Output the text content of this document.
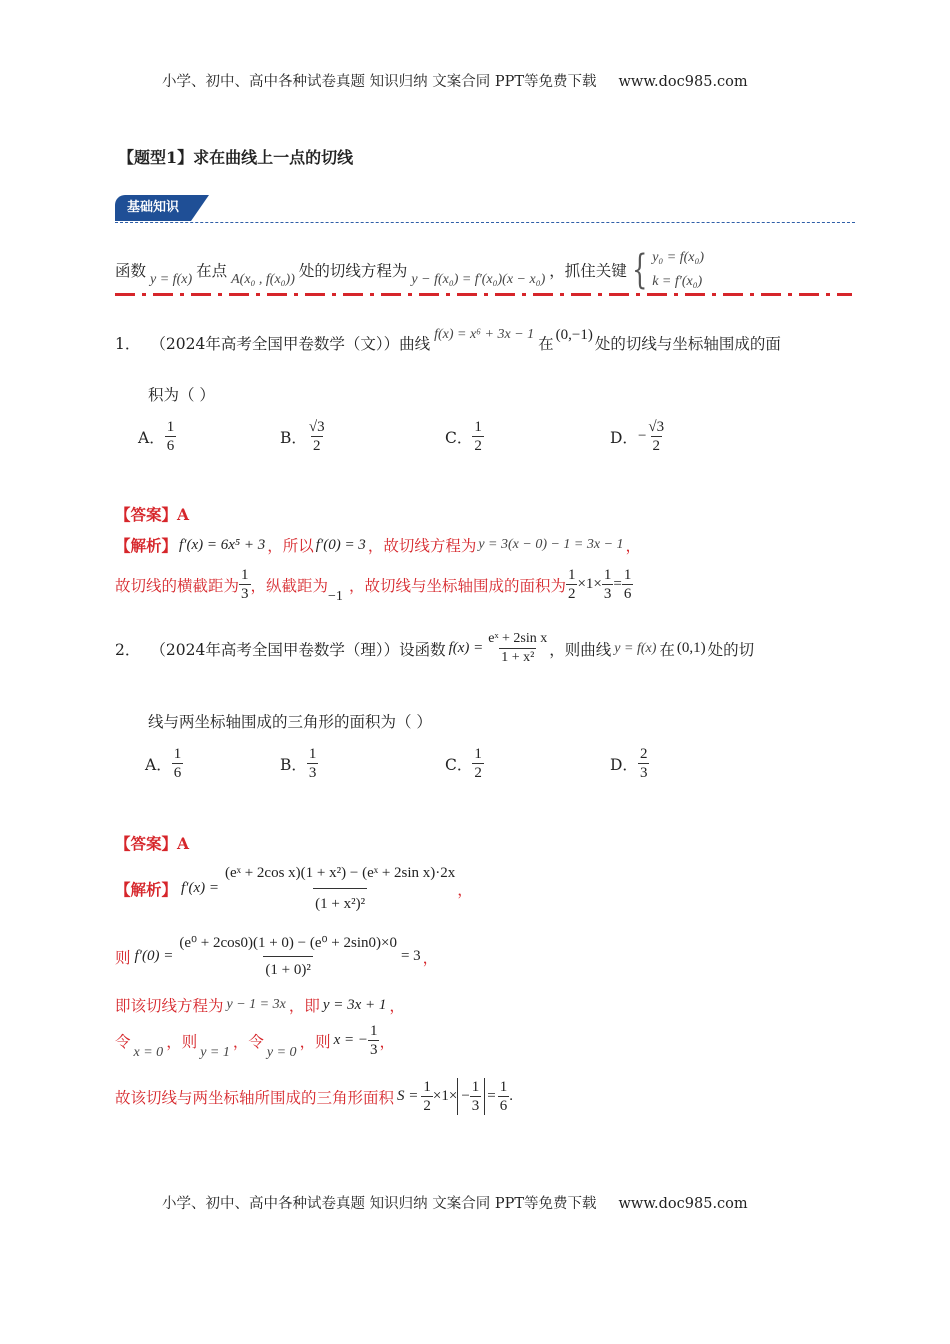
小学、初中、高中各种试卷真题 知识归纳 文案合同 PPT等免费下载 www.doc985.com
【题型1】求在曲线上一点的切线
基础知识
函数 y = f(x) 在点 A(x₀ , f(x₀)) 处的切线方程为 y − f(x₀) = f′(x₀)(x − x₀) ，抓住关键 { y₀ = f(x₀)
k = f′(x₀)
1． （2024年高考全国甲卷数学（文））曲线
f(x) = x⁶ + 3x − 1
在
(0,−1)
处的切线与坐标轴围成的面
积为（ ）
A． $\frac{1}{6}$	B． $\frac{√3}{2}$	C． $\frac{1}{2}$	D． − $\frac{√3}{2}$
【答案】A
【解析】 f′(x) = 6x⁵ + 3 ，所以 f′(0) = 3 ，故切线方程为 y = 3(x − 0) − 1 = 3x − 1 ，
故切线的横截距为 $\frac{1}{3}$ ，纵截距为
−1
，故切线与坐标轴围成的面积为 $\frac{1}{2} \times 1\times \frac{1}{3} = \frac{1}{6}$
2． （2024年高考全国甲卷数学（理））设函数 $f(x) = \frac{\text{eˣ + 2sin x}}{\text{1 + x²}}$ ，则曲线 y = f(x) 在 (0,1) 处的切
线与两坐标轴围成的三角形的面积为（ ）
A． $\frac{1}{6}$	B． $\frac{1}{3}$	C． $\frac{1}{2}$	D． $\frac{2}{3}$
【答案】A
【解析】 $f'(x) = \frac{\text{(eˣ + 2cos x)(1 + x²) − (eˣ + 2sin x)·2x}}{\text{(1 + x²)²}}$ ，
则 $f'(0) = \frac{\text{(e⁰ + 2cos0)(1 + 0) − (e⁰ + 2sin0)×0}}{\text{(1 + 0)²}} = 3$ ，
即该切线方程为 y − 1 = 3x ，即 y = 3x + 1 ，
令
x = 0
，则
y = 1
，令
y = 0
，则 x = − $\frac{1}{3}$ ，
故该切线与两坐标轴所围成的三角形面积 $S = \frac{1}{2} \times 1\times - \frac{1}{3} = \frac{1}{6}$ .
小学、初中、高中各种试卷真题 知识归纳 文案合同 PPT等免费下载 www.doc985.com
